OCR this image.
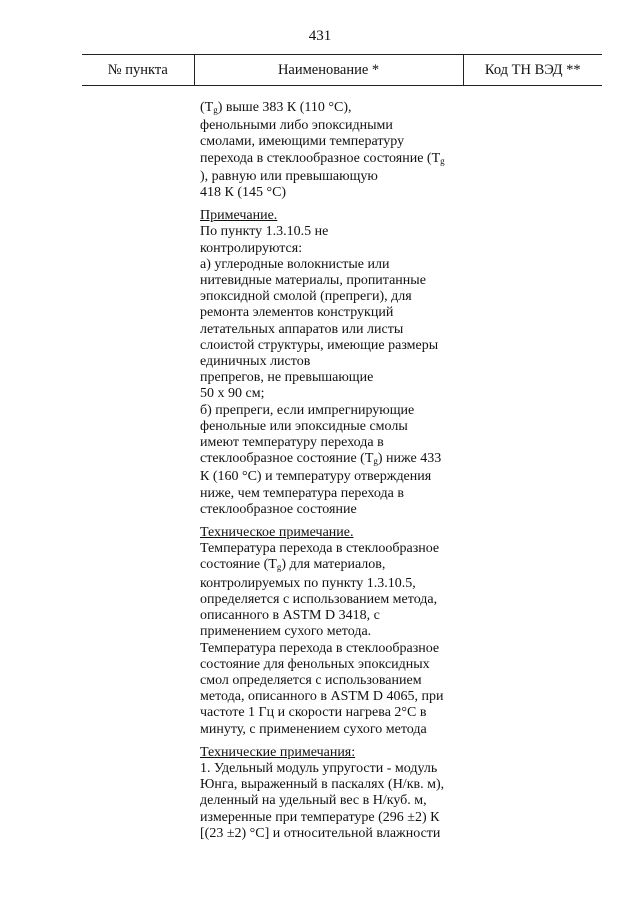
431
№ пункта	Наименование *	Код ТН ВЭД **
$(T_g)$ выше 383 К (110 °C),
фенольными либо эпоксидными
смолами, имеющими температуру
перехода в стеклообразное состояние ($T_g$
), равную или превышающую
418 К (145 °C)
Примечание.
По пункту 1.3.10.5 не
контролируются:
а) углеродные волокнистые или
нитевидные материалы, пропитанные
эпоксидной смолой (препреги), для
ремонта элементов конструкций
летательных аппаратов или листы
слоистой структуры, имеющие размеры
единичных листов
препрегов, не превышающие
50 x 90 см;
б) препреги, если импрегнирующие
фенольные или эпоксидные смолы
имеют температуру перехода в
стеклообразное состояние $(T_g)$ ниже 433
К (160 °C) и температуру отверждения
ниже, чем температура перехода в
стеклообразное состояние
Техническое примечание.
Температура перехода в стеклообразное
состояние $(T_g)$ для материалов,
контролируемых по пункту 1.3.10.5,
определяется с использованием метода,
описанного в ASTM D 3418, с
применением сухого метода.
Температура перехода в стеклообразное
состояние для фенольных эпоксидных
смол определяется с использованием
метода, описанного в ASTM D 4065, при
частоте 1 Гц и скорости нагрева 2°C в
минуту, с применением сухого метода
Технические примечания:
1. Удельный модуль упругости - модуль
Юнга, выраженный в паскалях (Н/кв. м),
деленный на удельный вес в Н/куб. м,
измеренные при температуре (296 ±2) К
[(23 ±2) °C] и относительной влажности
